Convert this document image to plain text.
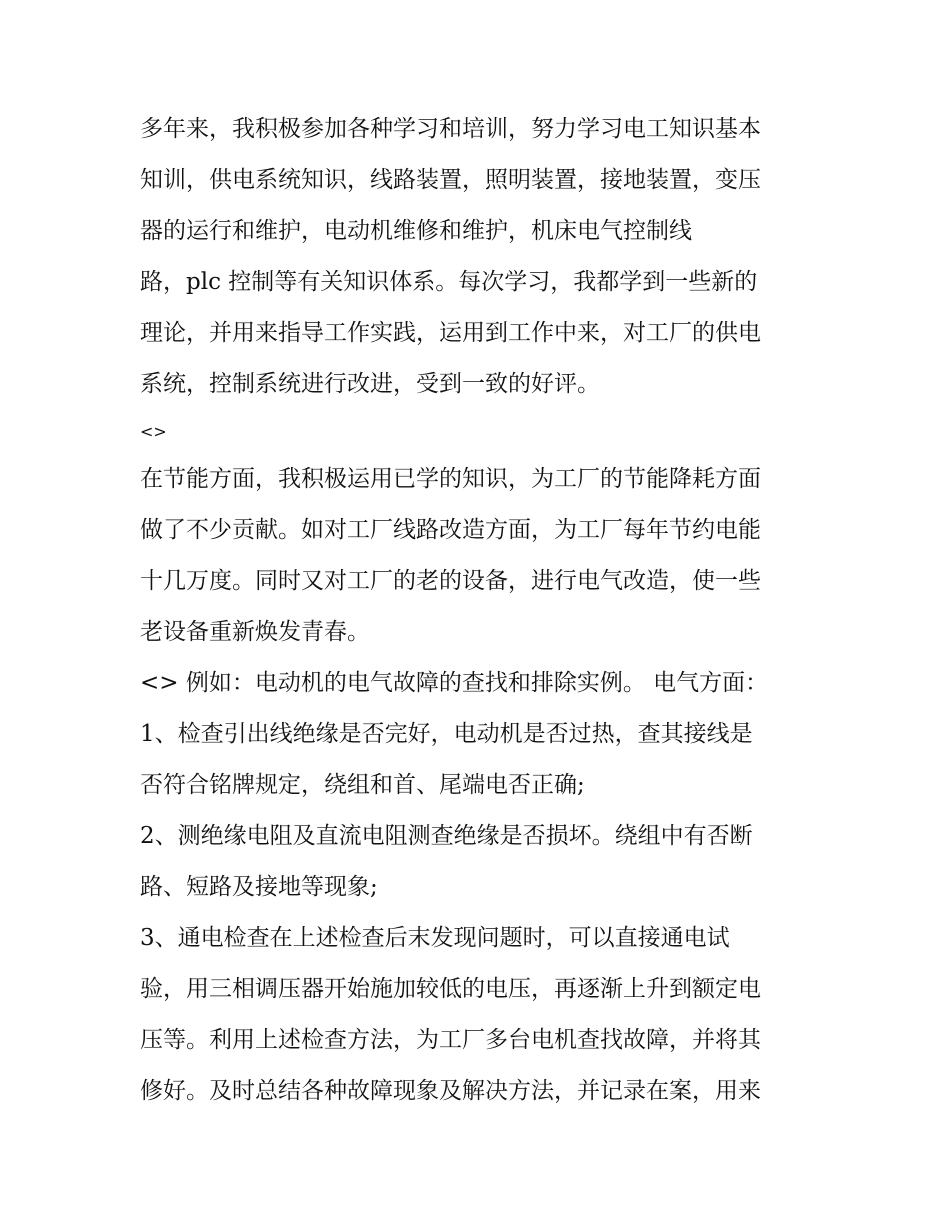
多年来，我积极参加各种学习和培训，努力学习电工知识基本
知训，供电系统知识，线路装置，照明装置，接地装置，变压
器的运行和维护，电动机维修和维护，机床电气控制线
路，plc 控制等有关知识体系。每次学习，我都学到一些新的
理论，并用来指导工作实践，运用到工作中来，对工厂的供电
系统，控制系统进行改进，受到一致的好评。
<>
在节能方面，我积极运用已学的知识，为工厂的节能降耗方面
做了不少贡献。如对工厂线路改造方面，为工厂每年节约电能
十几万度。同时又对工厂的老的设备，进行电气改造，使一些
老设备重新焕发青春。
<> 例如：电动机的电气故障的查找和排除实例。 电气方面：
1、检查引出线绝缘是否完好，电动机是否过热，查其接线是
否符合铭牌规定，绕组和首、尾端电否正确;
2、测绝缘电阻及直流电阻测查绝缘是否损坏。绕组中有否断
路、短路及接地等现象;
3、通电检查在上述检查后末发现问题时，可以直接通电试
验，用三相调压器开始施加较低的电压，再逐渐上升到额定电
压等。利用上述检查方法，为工厂多台电机查找故障，并将其
修好。及时总结各种故障现象及解决方法，并记录在案，用来
